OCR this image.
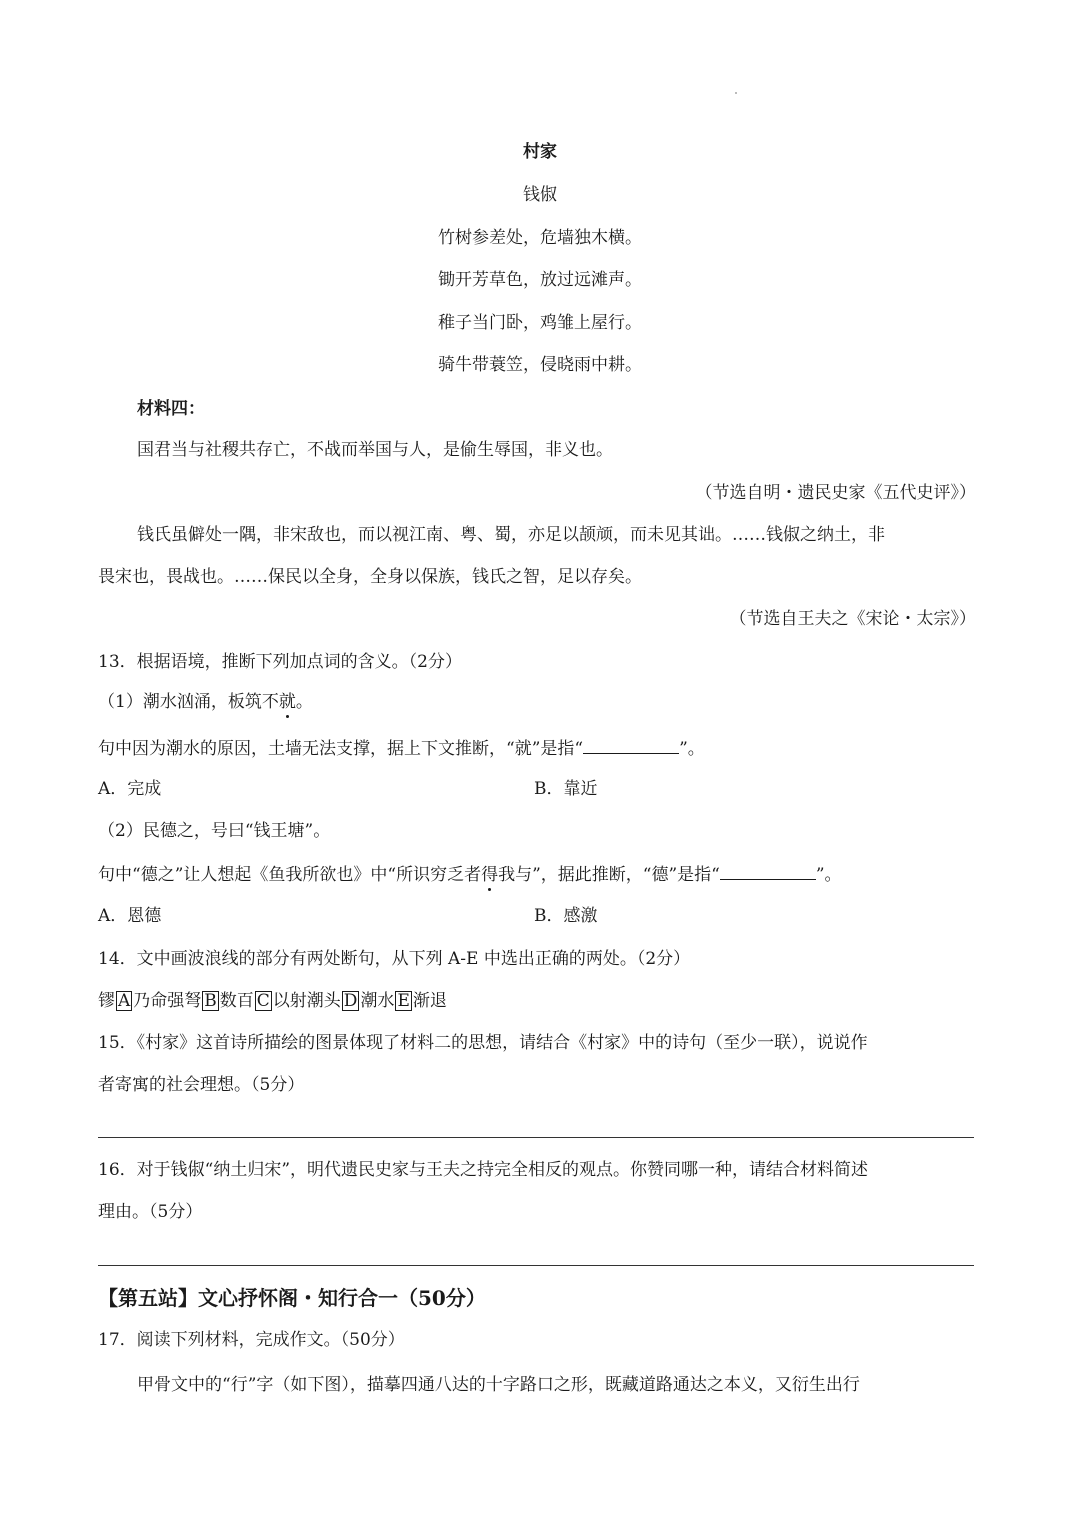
村家
钱俶
竹树参差处，危墙独木横。
锄开芳草色，放过远滩声。
稚子当门卧，鸡雏上屋行。
骑牛带蓑笠，侵晓雨中耕。
材料四：
国君当与社稷共存亡，不战而举国与人，是偷生辱国，非义也。
（节选自明・遗民史家《五代史评》）
钱氏虽僻处一隅，非宋敌也，而以视江南、粤、蜀，亦足以颉颃，而未见其诎。……钱俶之纳土，非
畏宋也，畏战也。……保民以全身，全身以保族，钱氏之智，足以存矣。
（节选自王夫之《宋论・太宗》）
13．根据语境，推断下列加点词的含义。（2分）
（1）潮水汹涌，板筑不就。
句中因为潮水的原因，土墙无法支撑，据上下文推断，“就”是指“	”。
A．完成	B．靠近
（2）民德之，号曰“钱王塘”。
句中“德之”让人想起《鱼我所欲也》中“所识穷乏者得我与”，据此推断，“德”是指“	”。
A．恩德	B．感激
14．文中画波浪线的部分有两处断句，从下列 A-E 中选出正确的两处。（2分）
镠 A 乃命强弩 B 数百 C 以射潮头 D 潮水 E 渐退
15．《村家》这首诗所描绘的图景体现了材料二的思想，请结合《村家》中的诗句（至少一联），说说作
者寄寓的社会理想。（5分）
16．对于钱俶“纳土归宋”，明代遗民史家与王夫之持完全相反的观点。你赞同哪一种，请结合材料简述
理由。（5分）
【第五站】文心抒怀阁・知行合一（50分）
17．阅读下列材料，完成作文。（50分）
甲骨文中的“行”字（如下图），描摹四通八达的十字路口之形，既藏道路通达之本义，又衍生出行
